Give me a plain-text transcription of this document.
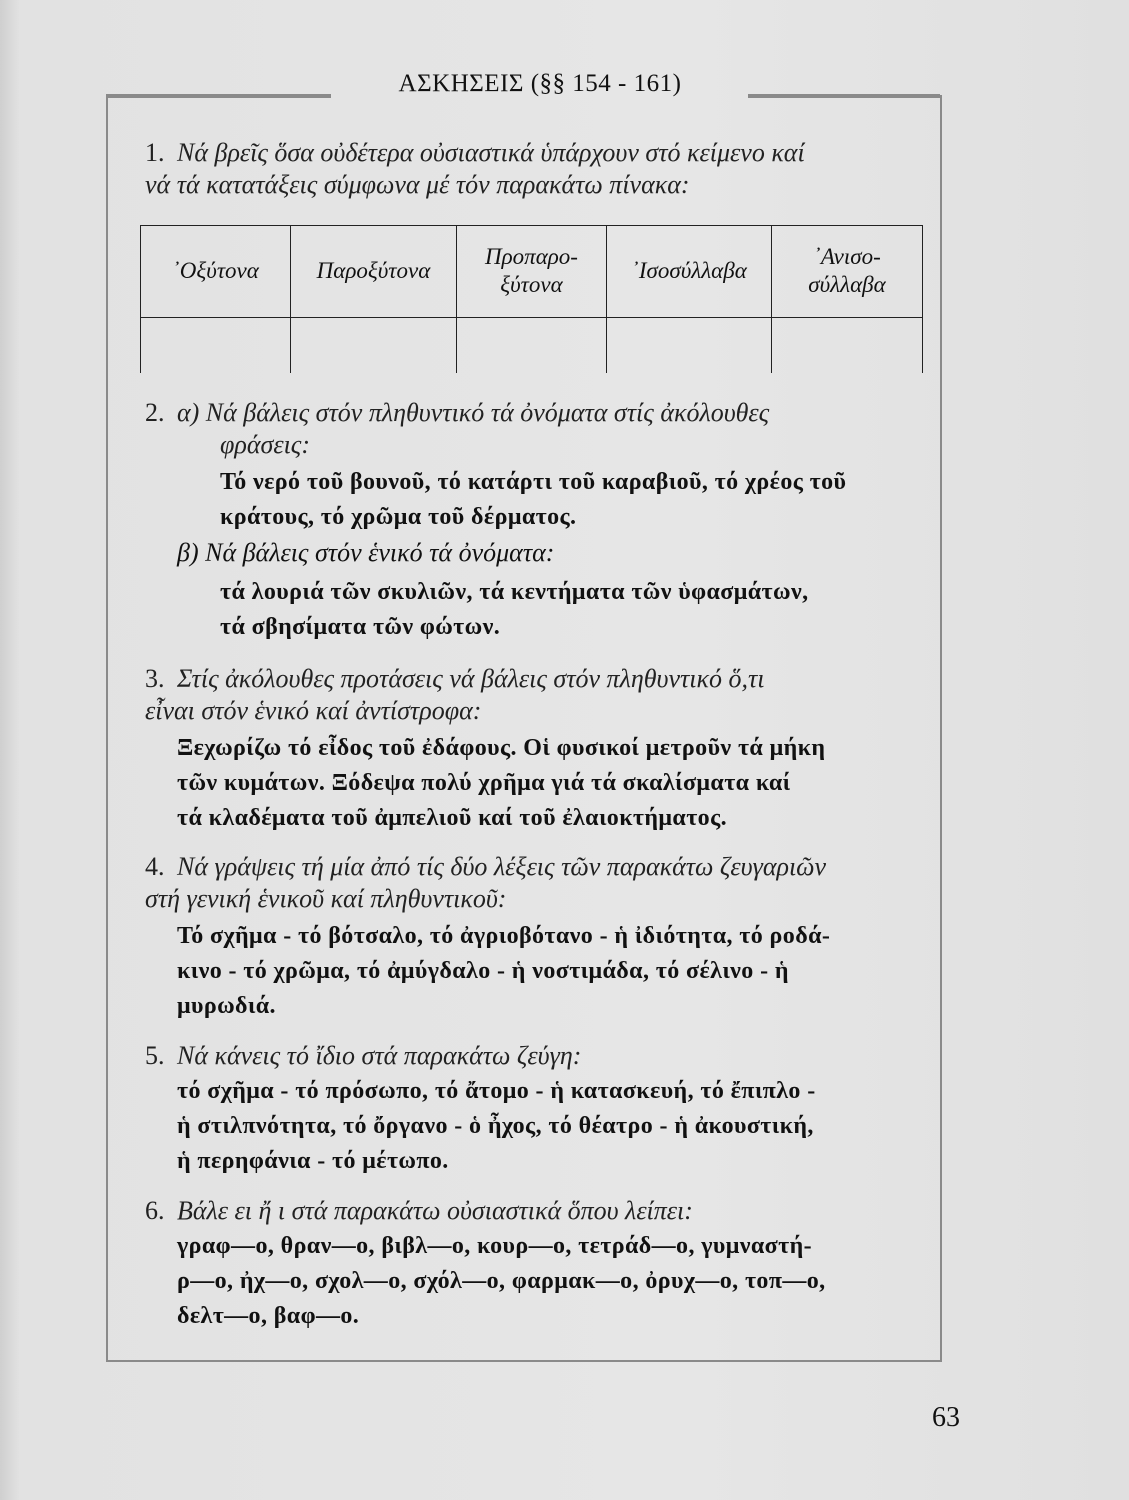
ΑΣΚΗΣΕΙΣ (§§ 154 - 161)
1. Νά βρεῖς ὅσα οὐδέτερα οὐσιαστικά ὑπάρχουν στό κείμενο καί
νά τά κατατάξεις σύμφωνα μέ τόν παρακάτω πίνακα:
᾿Οξύτονα	Παροξύτονα	Προπαρο- ξύτονα	᾿Ισοσύλλαβα	᾿Ανισο- σύλλαβα

2. α) Νά βάλεις στόν πληθυντικό τά ὀνόματα στίς ἀκόλουθες
φράσεις:
Τό νερό τοῦ βουνοῦ, τό κατάρτι τοῦ καραβιοῦ, τό χρέος τοῦ
κράτους, τό χρῶμα τοῦ δέρματος.
β) Νά βάλεις στόν ἑνικό τά ὀνόματα:
τά λουριά τῶν σκυλιῶν, τά κεντήματα τῶν ὑφασμάτων,
τά σβησίματα τῶν φώτων.
3. Στίς ἀκόλουθες προτάσεις νά βάλεις στόν πληθυντικό ὅ,τι
εἶναι στόν ἑνικό καί ἀντίστροφα:
Ξεχωρίζω τό εἶδος τοῦ ἐδάφους. Οἱ φυσικοί μετροῦν τά μήκη
τῶν κυμάτων. Ξόδεψα πολύ χρῆμα γιά τά σκαλίσματα καί
τά κλαδέματα τοῦ ἀμπελιοῦ καί τοῦ ἐλαιοκτήματος.
4. Νά γράψεις τή μία ἀπό τίς δύο λέξεις τῶν παρακάτω ζευγαριῶν
στή γενική ἑνικοῦ καί πληθυντικοῦ:
Τό σχῆμα - τό βότσαλο, τό ἀγριοβότανο - ἡ ἰδιότητα, τό ροδά-
κινο - τό χρῶμα, τό ἀμύγδαλο - ἡ νοστιμάδα, τό σέλινο - ἡ
μυρωδιά.
5. Νά κάνεις τό ἴδιο στά παρακάτω ζεύγη:
τό σχῆμα - τό πρόσωπο, τό ἄτομο - ἡ κατασκευή, τό ἔπιπλο -
ἡ στιλπνότητα, τό ὄργανο - ὁ ἦχος, τό θέατρο - ἡ ἀκουστική,
ἡ περηφάνια - τό μέτωπο.
6. Βάλε ει ἤ ι στά παρακάτω οὐσιαστικά ὅπου λείπει:
γραφ—ο, θραν—ο, βιβλ—ο, κουρ—ο, τετράδ—ο, γυμναστή-
ρ—ο, ἠχ—ο, σχολ—ο, σχόλ—ο, φαρμακ—ο, ὀρυχ—ο, τοπ—ο,
δελτ—ο, βαφ—ο.
63
